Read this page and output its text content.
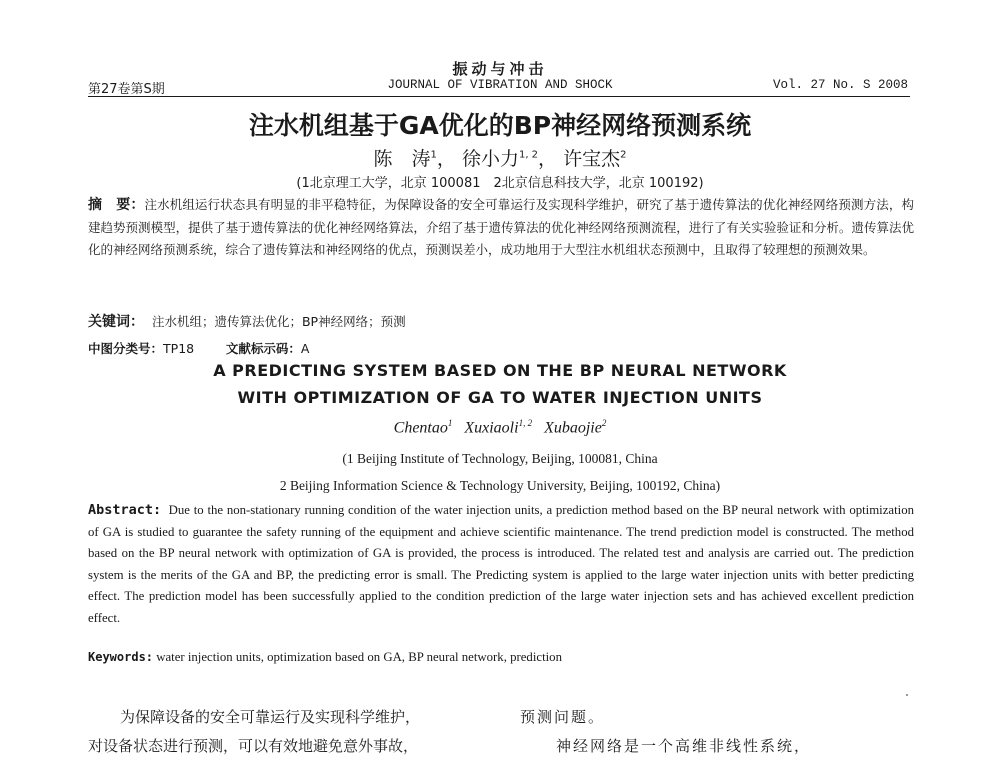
振动与冲击
第27卷第S期	JOURNAL OF VIBRATION AND SHOCK	Vol. 27 No. S 2008
注水机组基于GA优化的BP神经网络预测系统
陈　涛$^1$， 徐小力$^{1, 2}$， 许宝杰$^2$
(1北京理工大学，北京 100081　2北京信息科技大学，北京 100192)
摘　要：注水机组运行状态具有明显的非平稳特征，为保障设备的安全可靠运行及实现科学维护，研究了基于遗传算法的优化神经网络预测方法，构建趋势预测模型，提供了基于遗传算法的优化神经网络算法，介绍了基于遗传算法的优化神经网络预测流程，进行了有关实验验证和分析。遗传算法优化的神经网络预测系统，综合了遗传算法和神经网络的优点，预测误差小，成功地用于大型注水机组状态预测中，且取得了较理想的预测效果。
关键词： 注水机组；遗传算法优化；BP神经网络；预测
中图分类号：TP18	文献标示码：A
A PREDICTING SYSTEM BASED ON THE BP NEURAL NETWORK
WITH OPTIMIZATION OF GA TO WATER INJECTION UNITS
Chentao$^1$ Xuxiaoli$^{1, 2}$ Xubaojie$^2$
(1 Beijing Institute of Technology, Beijing, 100081, China
2 Beijing Information Science & Technology University, Beijing, 100192, China)
Abstract: Due to the non-stationary running condition of the water injection units, a prediction method based on the BP neural network with optimization of GA is studied to guarantee the safety running of the equipment and achieve scientific maintenance. The trend prediction model is constructed. The method based on the BP neural network with optimization of GA is provided, the process is introduced. The related test and analysis are carried out. The prediction system is the merits of the GA and BP, the predicting error is small. The Predicting system is applied to the large water injection units with better predicting effect. The prediction model has been successfully applied to the condition prediction of the large water injection sets and has achieved excellent prediction effect.
Keywords: water injection units, optimization based on GA, BP neural network, prediction
为保障设备的安全可靠运行及实现科学维护，
对设备状态进行预测，可以有效地避免意外事故，
预测问题。
神经网络是一个高维非线性系统，
